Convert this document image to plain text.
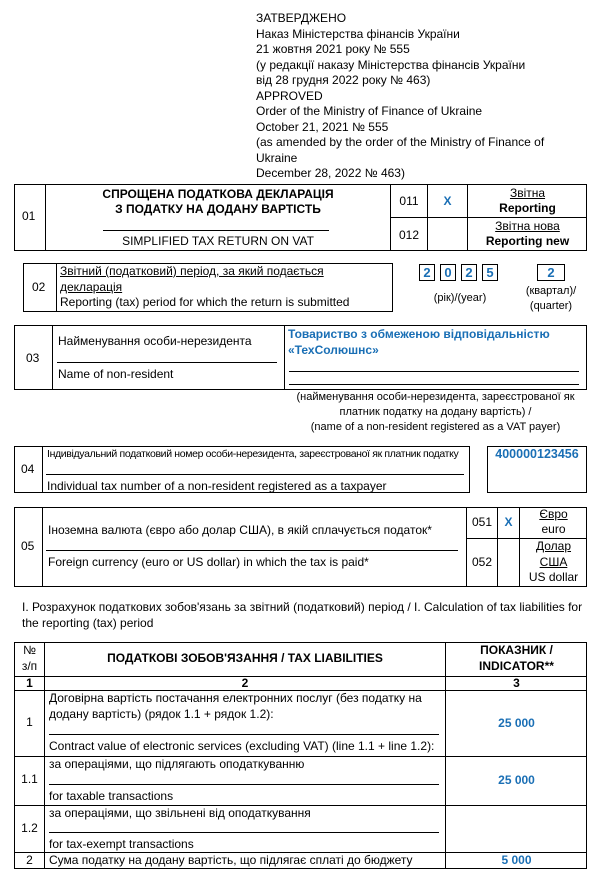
ЗАТВЕРДЖЕНО
Наказ Міністерства фінансів України
21 жовтня 2021 року № 555
(у редакції наказу Міністерства фінансів України
від 28 грудня 2022 року № 463)
APPROVED
Order of the Ministry of Finance of Ukraine
October 21, 2021 № 555
(as amended by the order of the Ministry of Finance of
Ukraine
December 28, 2022 № 463)
01
СПРОЩЕНА ПОДАТКОВА ДЕКЛАРАЦІЯ
З ПОДАТКУ НА ДОДАНУ ВАРТІСТЬ
SIMPLIFIED TAX RETURN ON VAT
011	X
Звітна
Reporting
012
Звітна нова
Reporting new
02
Звітний (податковий) період, за який подається
декларація
Reporting (tax) period for which the return is submitted
2	0	2	5
(рік)/(year)
2
(квартал)/
(quarter)
03
Найменування особи-нерезидента
Name of non-resident
Товариство з обмеженою відповідальністю
«ТехСолюшнс»
(найменування особи-нерезидента, зареєстрованої як
платник податку на додану вартість) /
(name of a non-resident registered as a VAT payer)
04
Індивідуальний податковий номер особи-нерезидента, зареєстрованої як платник податку
Individual tax number of a non-resident registered as a taxpayer
400000123456
05
Іноземна валюта (євро або долар США), в якій сплачується податок*
Foreign currency (euro or US dollar) in which the tax is paid*
051	X
Євро
euro
052
Долар
США
US dollar
І. Розрахунок податкових зобов'язань за звітний (податковий) період / І. Calculation of tax liabilities for
the reporting (tax) period
№
з/п
ПОДАТКОВІ ЗОБОВ'ЯЗАННЯ / TAX LIABILITIES
ПОКАЗНИК /
INDICATOR**
1	2	3
1
Договірна вартість постачання електронних послуг (без податку на
додану вартість) (рядок 1.1 + рядок 1.2):
Contract value of electronic services (excluding VAT) (line 1.1 + line 1.2):
25 000
1.1
за операціями, що підлягають оподаткуванню
for taxable transactions
25 000
1.2
за операціями, що звільнені від оподаткування
for tax-exempt transactions
2	Сума податку на додану вартість, що підлягає сплаті до бюджету	5 000
